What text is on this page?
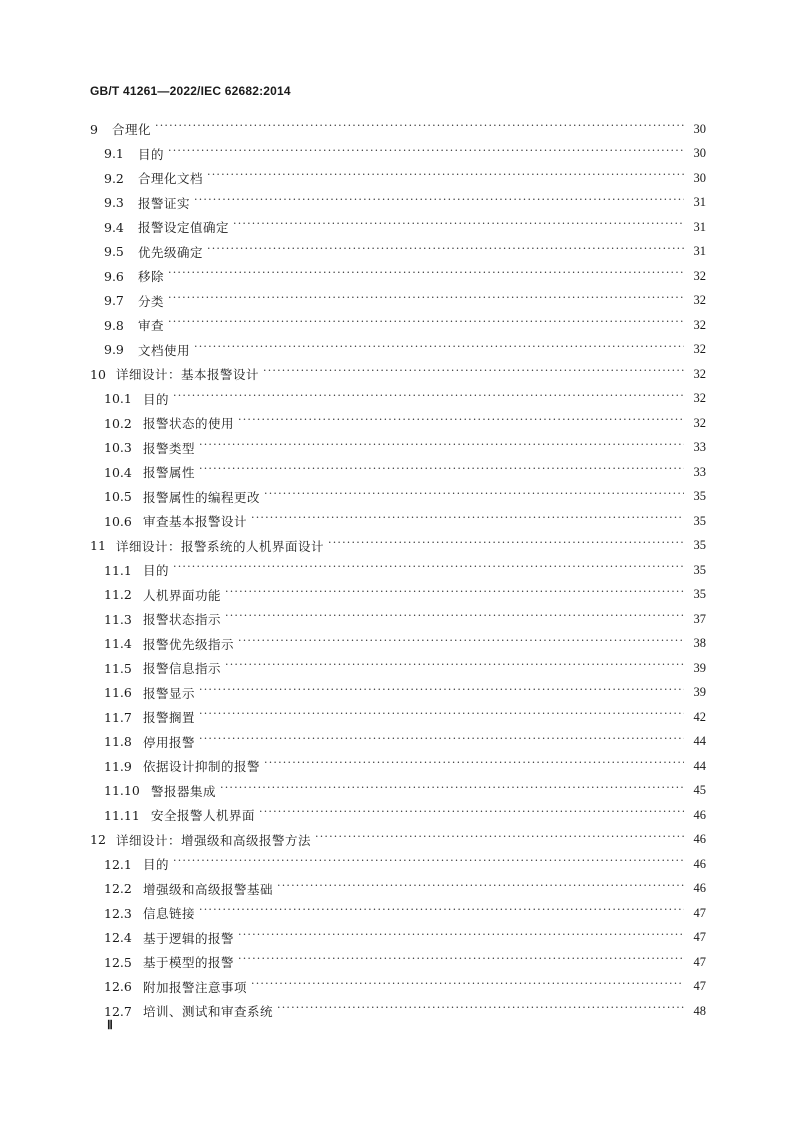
GB/T 41261—2022/IEC 62682:2014
9	合理化 ·····	30
9.1	目的 ·····	30
9.2	合理化文档 ·····	30
9.3	报警证实 ·····	31
9.4	报警设定值确定 ·····	31
9.5	优先级确定 ·····	31
9.6	移除 ·····	32
9.7	分类 ·····	32
9.8	审查 ·····	32
9.9	文档使用 ·····	32
10 详细设计：基本报警设计 ·····	32
10.1 目的 ·····	32
10.2 报警状态的使用 ·····	32
10.3 报警类型 ·····	33
10.4 报警属性 ·····	33
10.5 报警属性的编程更改 ·····	35
10.6 审查基本报警设计 ·····	35
11 详细设计：报警系统的人机界面设计 ·····	35
11.1 目的 ·····	35
11.2 人机界面功能 ·····	35
11.3 报警状态指示 ·····	37
11.4 报警优先级指示 ·····	38
11.5 报警信息指示 ·····	39
11.6 报警显示 ·····	39
11.7 报警搁置 ·····	42
11.8 停用报警 ·····	44
11.9 依据设计抑制的报警 ·····	44
11.10 警报器集成 ·····	45
11.11 安全报警人机界面 ·····	46
12 详细设计：增强级和高级报警方法 ·····	46
12.1 目的 ·····	46
12.2 增强级和高级报警基础 ·····	46
12.3 信息链接 ·····	47
12.4 基于逻辑的报警 ·····	47
12.5 基于模型的报警 ·····	47
12.6 附加报警注意事项 ·····	47
12.7 培训、测试和审查系统 ·····	48
Ⅱ
